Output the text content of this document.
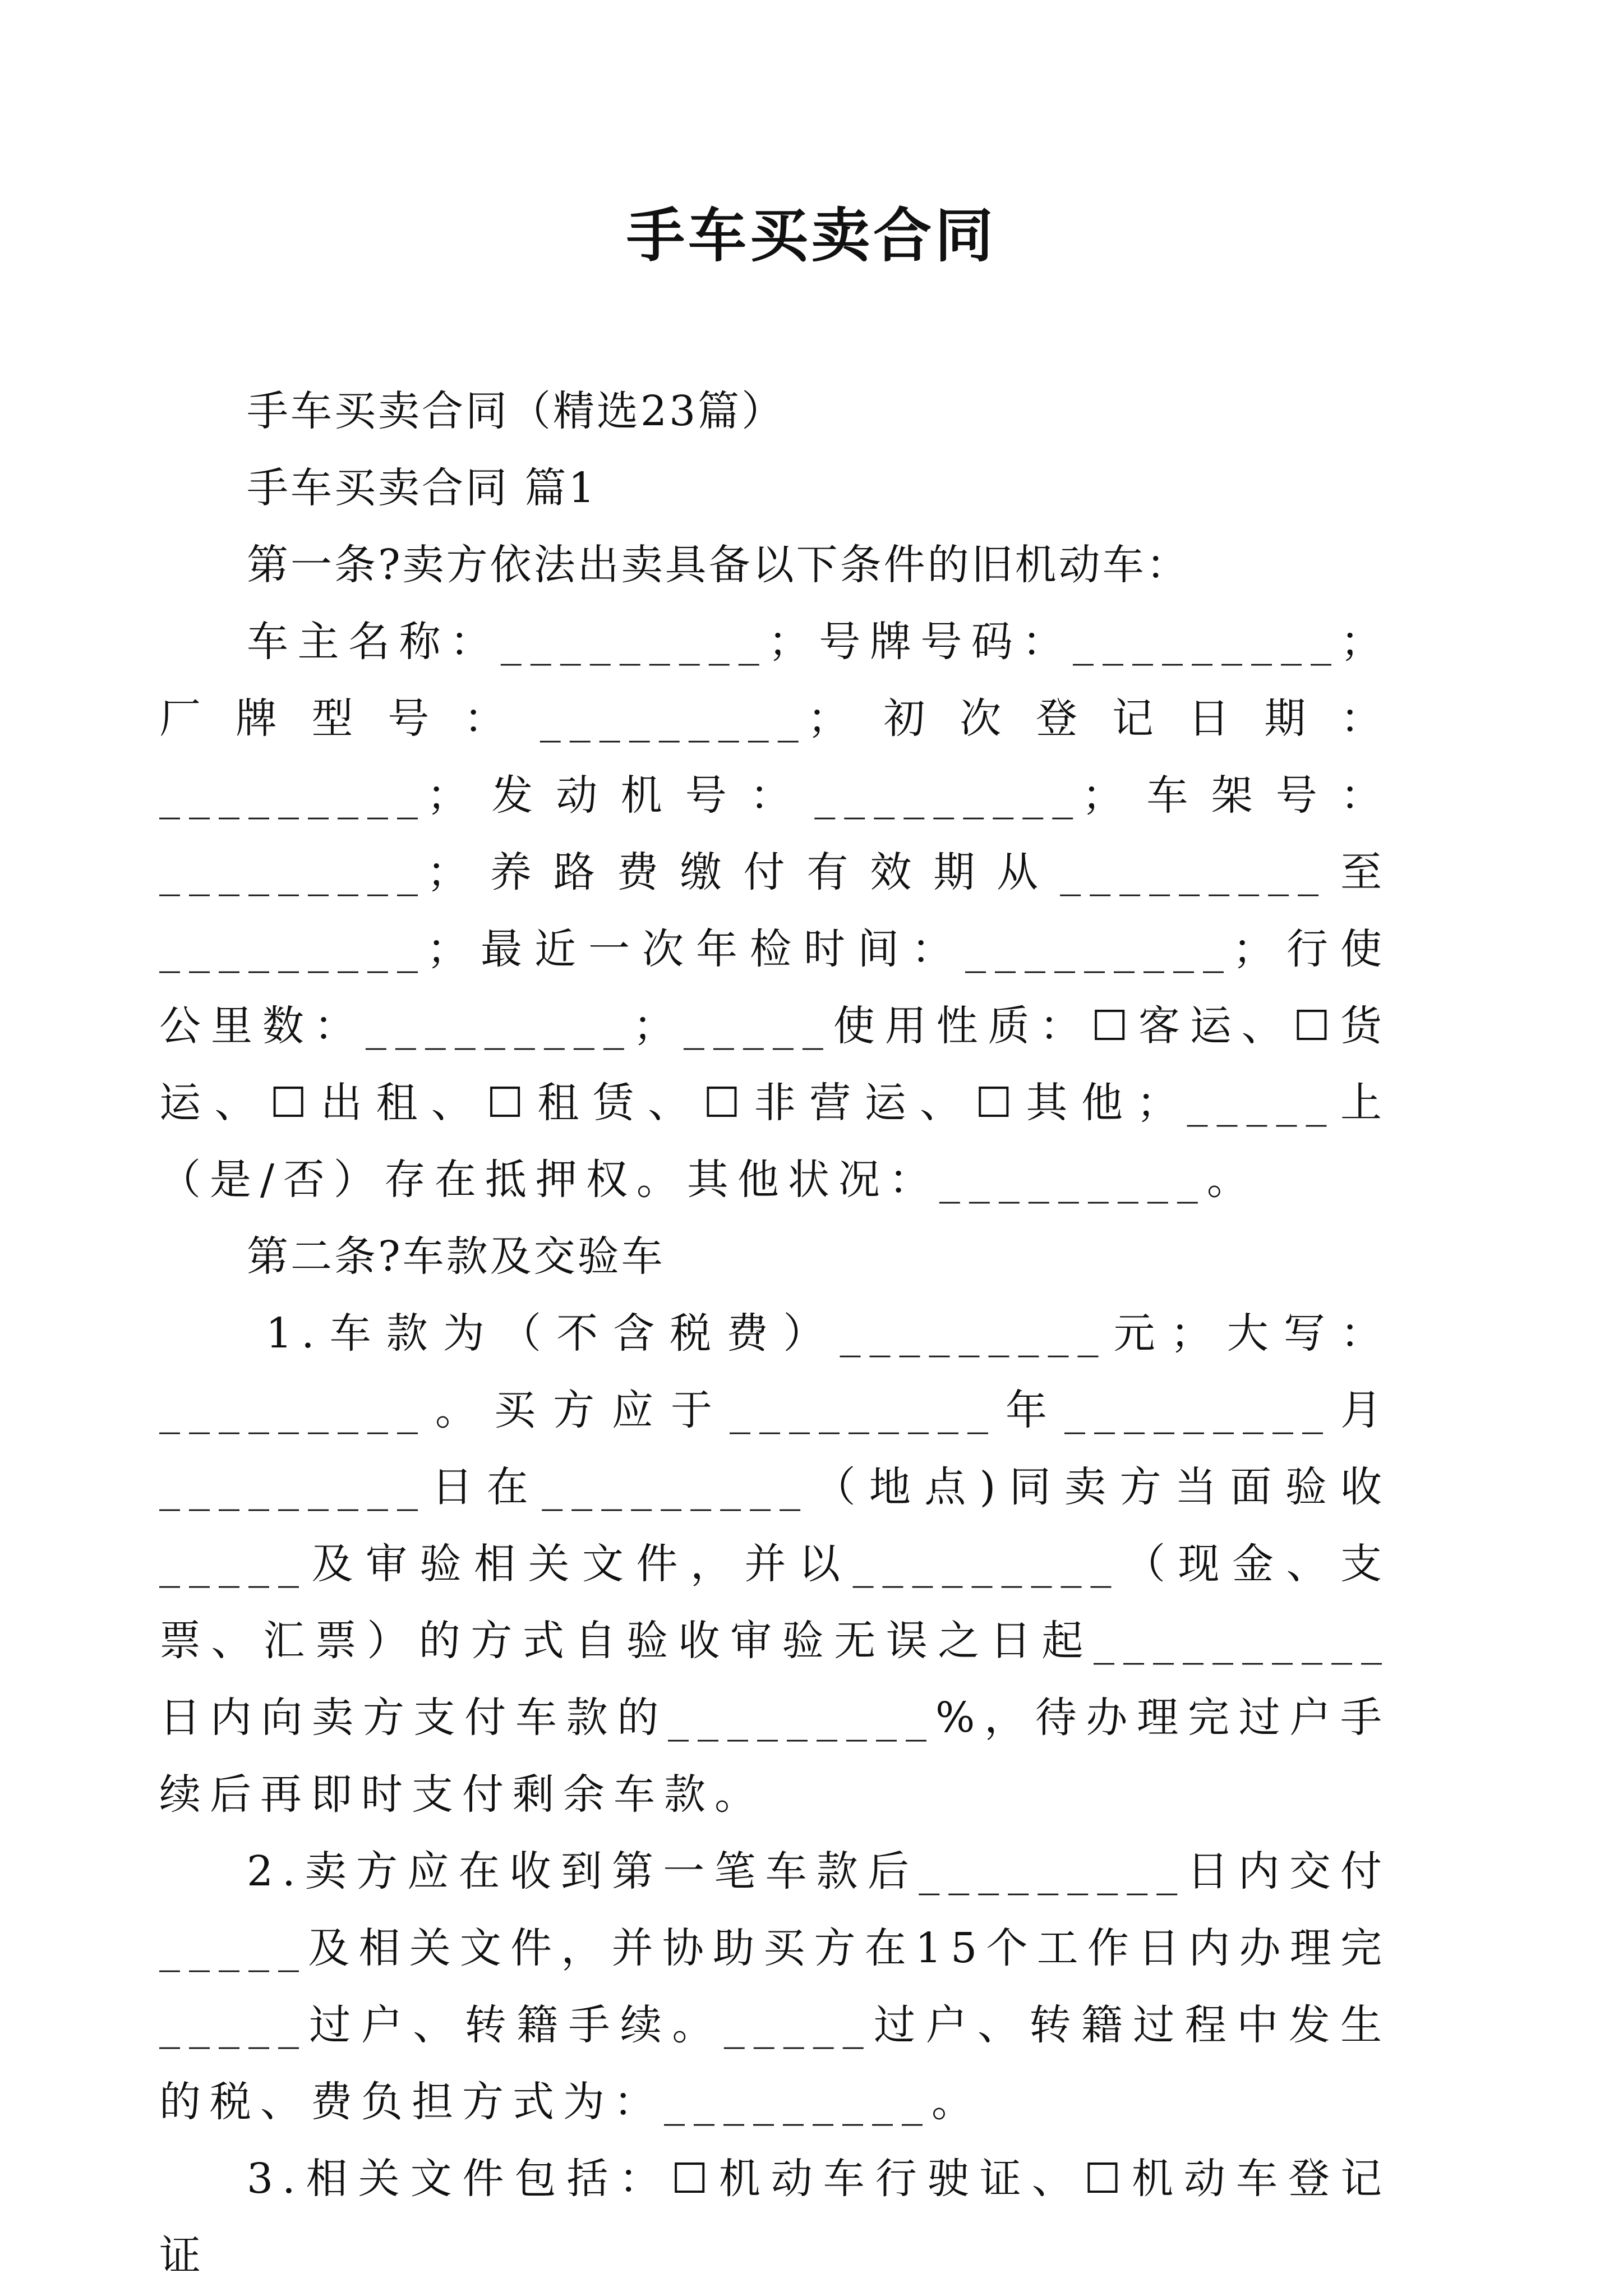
手车买卖合同

手车买卖合同（精选23篇）

手车买卖合同 篇1

第一条?卖方依法出卖具备以下条件的旧机动车：

车主名称：_________；号牌号码：_________；厂牌型号：_________；初次登记日期：_________；发动机号：_________；车架号：_________；养路费缴付有效期从_________至_________；最近一次年检时间：_________；行使公里数：_________；_____使用性质：☐客运、☐货运、☐出租、☐租赁、☐非营运、☐其他；_____上（是/否）存在抵押权。其他状况：_________。

第二条?车款及交验车

1.车款为（不含税费）_________元；大写：_________。买方应于_________年_________月_________日在_________（地点)同卖方当面验收_____及审验相关文件，并以_________（现金、支票、汇票）的方式自验收审验无误之日起__________日内向卖方支付车款的_________%，待办理完过户手续后再即时支付剩余车款。

2.卖方应在收到第一笔车款后_________日内交付_____及相关文件，并协助买方在15个工作日内办理完_____过户、转籍手续。_____过户、转籍过程中发生的税、费负担方式为：_________。

3.相关文件包括：☐机动车行驶证、☐机动车登记证
